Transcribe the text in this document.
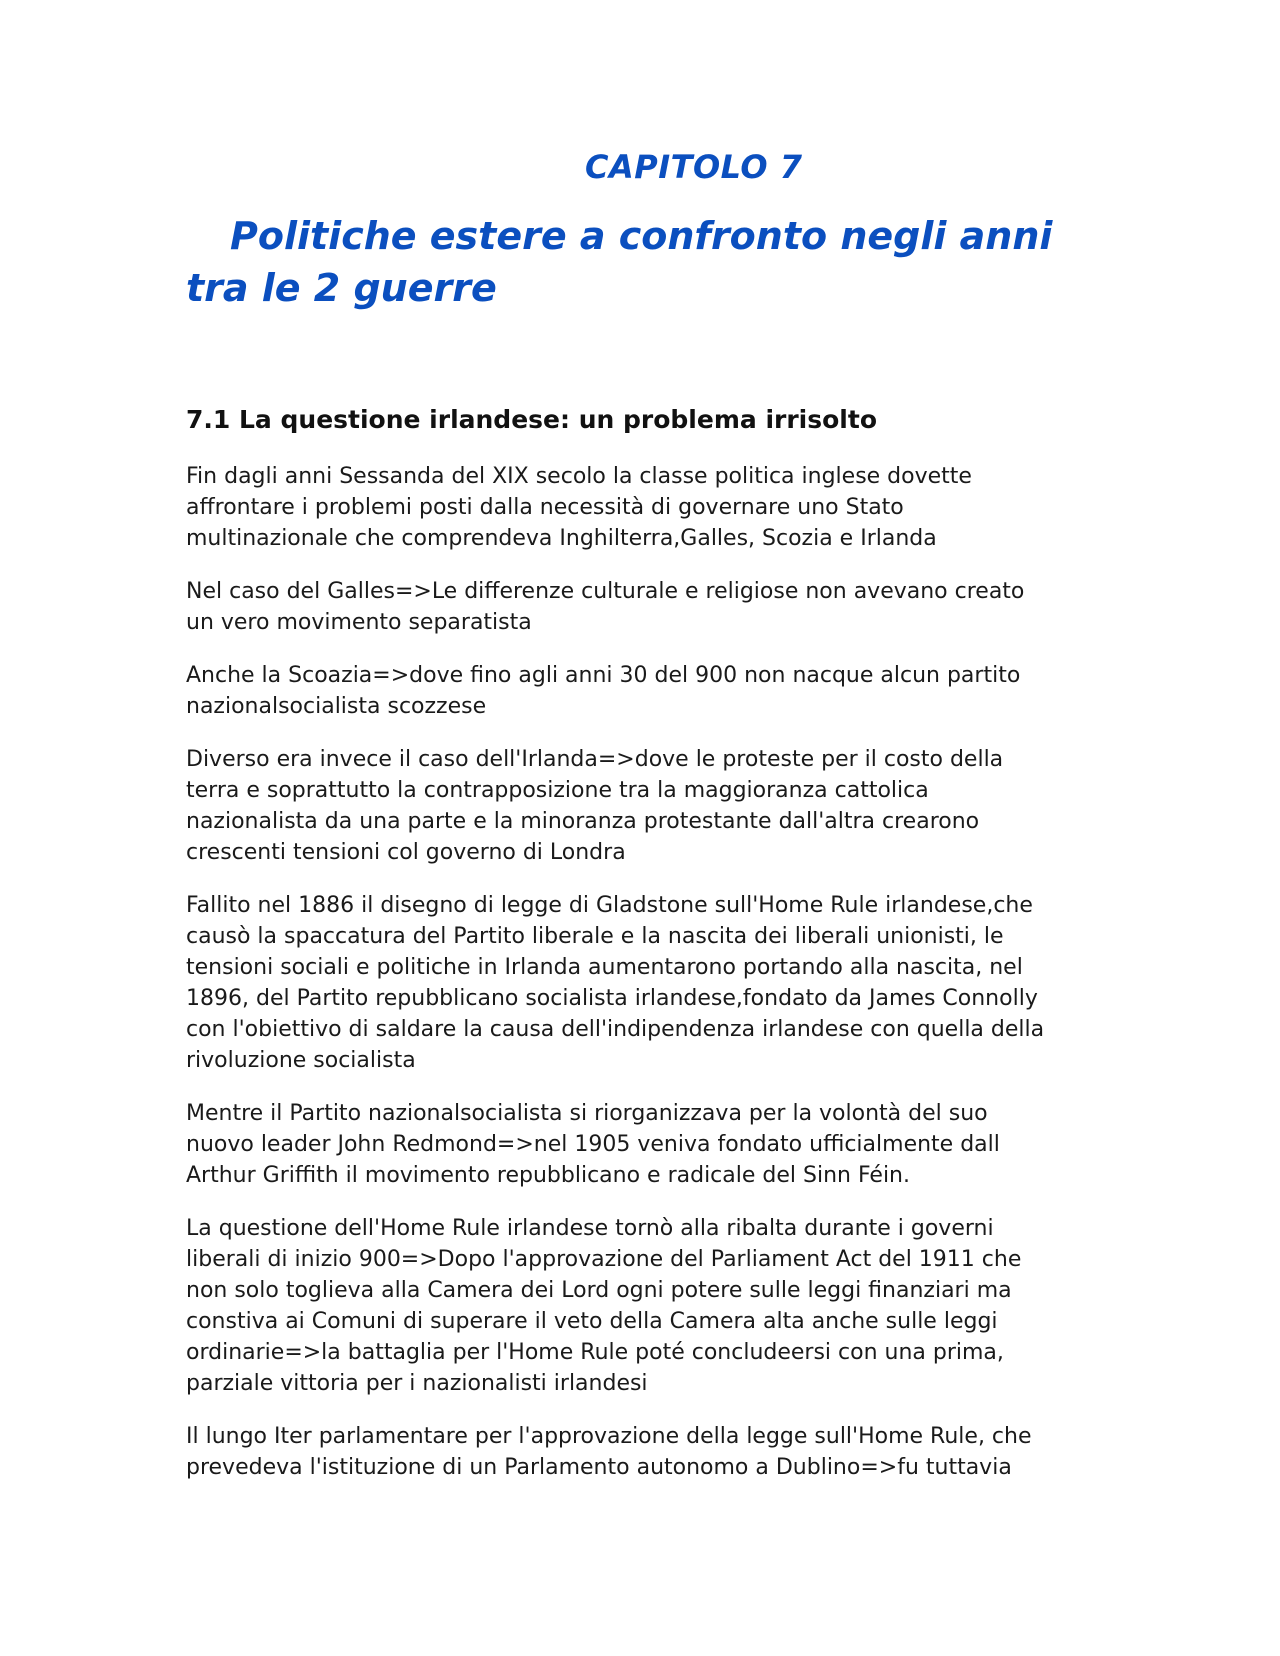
CAPITOLO 7
Politiche estere a confronto negli anni tra le 2 guerre
7.1 La questione irlandese: un problema irrisolto

Fin dagli anni Sessanda del XIX secolo la classe politica inglese dovette
affrontare i problemi posti dalla necessità di governare uno Stato
multinazionale che comprendeva Inghilterra,Galles, Scozia e Irlanda

Nel caso del Galles=>Le differenze culturale e religiose non avevano creato
un vero movimento separatista

Anche la Scoazia=>dove fino agli anni 30 del 900 non nacque alcun partito
nazionalsocialista scozzese

Diverso era invece il caso dell'Irlanda=>dove le proteste per il costo della
terra e soprattutto la contrapposizione tra la maggioranza cattolica
nazionalista da una parte e la minoranza protestante dall'altra crearono
crescenti tensioni col governo di Londra

Fallito nel 1886 il disegno di legge di Gladstone sull'Home Rule irlandese,che
causò la spaccatura del Partito liberale e la nascita dei liberali unionisti, le
tensioni sociali e politiche in Irlanda aumentarono portando alla nascita, nel
1896, del Partito repubblicano socialista irlandese,fondato da James Connolly
con l'obiettivo di saldare la causa dell'indipendenza irlandese con quella della
rivoluzione socialista

Mentre il Partito nazionalsocialista si riorganizzava per la volontà del suo
nuovo leader John Redmond=>nel 1905 veniva fondato ufficialmente dall
Arthur Griffith il movimento repubblicano e radicale del Sinn Féin.

La questione dell'Home Rule irlandese tornò alla ribalta durante i governi
liberali di inizio 900=>Dopo l'approvazione del Parliament Act del 1911 che
non solo toglieva alla Camera dei Lord ogni potere sulle leggi finanziari ma
constiva ai Comuni di superare il veto della Camera alta anche sulle leggi
ordinarie=>la battaglia per l'Home Rule poté concludeersi con una prima,
parziale vittoria per i nazionalisti irlandesi

Il lungo Iter parlamentare per l'approvazione della legge sull'Home Rule, che
prevedeva l'istituzione di un Parlamento autonomo a Dublino=>fu tuttavia
